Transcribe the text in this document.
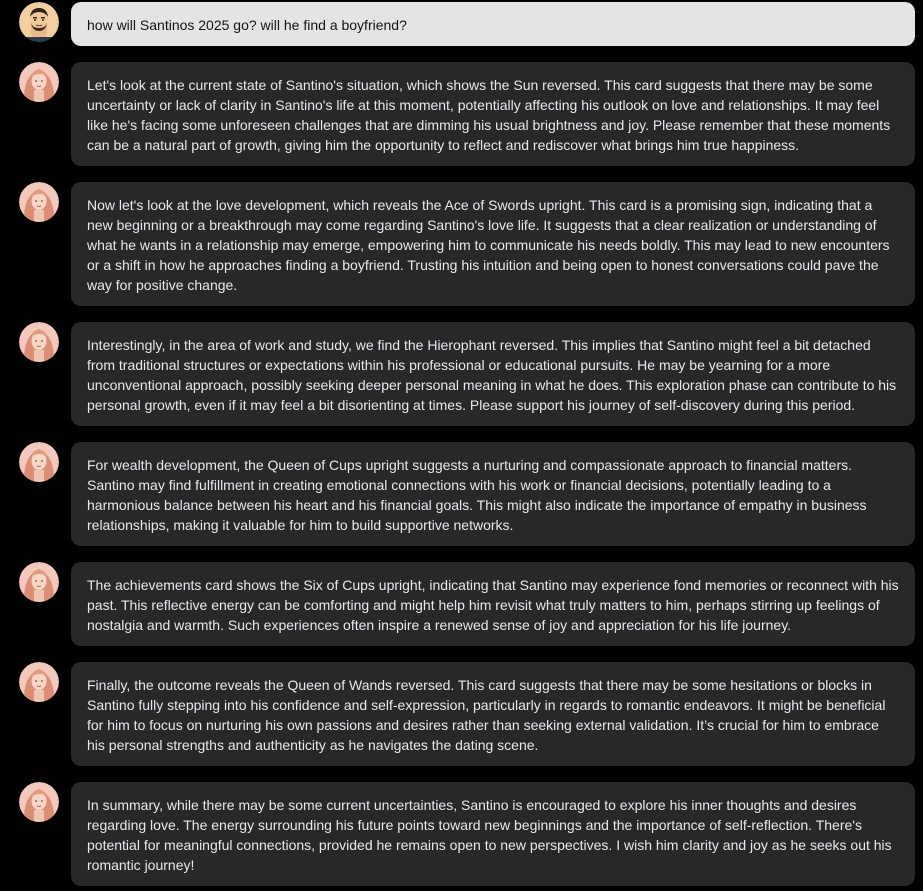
how will Santinos 2025 go? will he find a boyfriend?

Let's look at the current state of Santino's situation, which shows the Sun reversed. This card suggests that there may be some uncertainty or lack of clarity in Santino's life at this moment, potentially affecting his outlook on love and relationships. It may feel like he's facing some unforeseen challenges that are dimming his usual brightness and joy. Please remember that these moments can be a natural part of growth, giving him the opportunity to reflect and rediscover what brings him true happiness.

Now let's look at the love development, which reveals the Ace of Swords upright. This card is a promising sign, indicating that a new beginning or a breakthrough may come regarding Santino's love life. It suggests that a clear realization or understanding of what he wants in a relationship may emerge, empowering him to communicate his needs boldly. This may lead to new encounters or a shift in how he approaches finding a boyfriend. Trusting his intuition and being open to honest conversations could pave the way for positive change.

Interestingly, in the area of work and study, we find the Hierophant reversed. This implies that Santino might feel a bit detached from traditional structures or expectations within his professional or educational pursuits. He may be yearning for a more unconventional approach, possibly seeking deeper personal meaning in what he does. This exploration phase can contribute to his personal growth, even if it may feel a bit disorienting at times. Please support his journey of self-discovery during this period.

For wealth development, the Queen of Cups upright suggests a nurturing and compassionate approach to financial matters. Santino may find fulfillment in creating emotional connections with his work or financial decisions, potentially leading to a harmonious balance between his heart and his financial goals. This might also indicate the importance of empathy in business relationships, making it valuable for him to build supportive networks.

The achievements card shows the Six of Cups upright, indicating that Santino may experience fond memories or reconnect with his past. This reflective energy can be comforting and might help him revisit what truly matters to him, perhaps stirring up feelings of nostalgia and warmth. Such experiences often inspire a renewed sense of joy and appreciation for his life journey.

Finally, the outcome reveals the Queen of Wands reversed. This card suggests that there may be some hesitations or blocks in Santino fully stepping into his confidence and self-expression, particularly in regards to romantic endeavors. It might be beneficial for him to focus on nurturing his own passions and desires rather than seeking external validation. It’s crucial for him to embrace his personal strengths and authenticity as he navigates the dating scene.

In summary, while there may be some current uncertainties, Santino is encouraged to explore his inner thoughts and desires regarding love. The energy surrounding his future points toward new beginnings and the importance of self-reflection. There's potential for meaningful connections, provided he remains open to new perspectives. I wish him clarity and joy as he seeks out his romantic journey!
